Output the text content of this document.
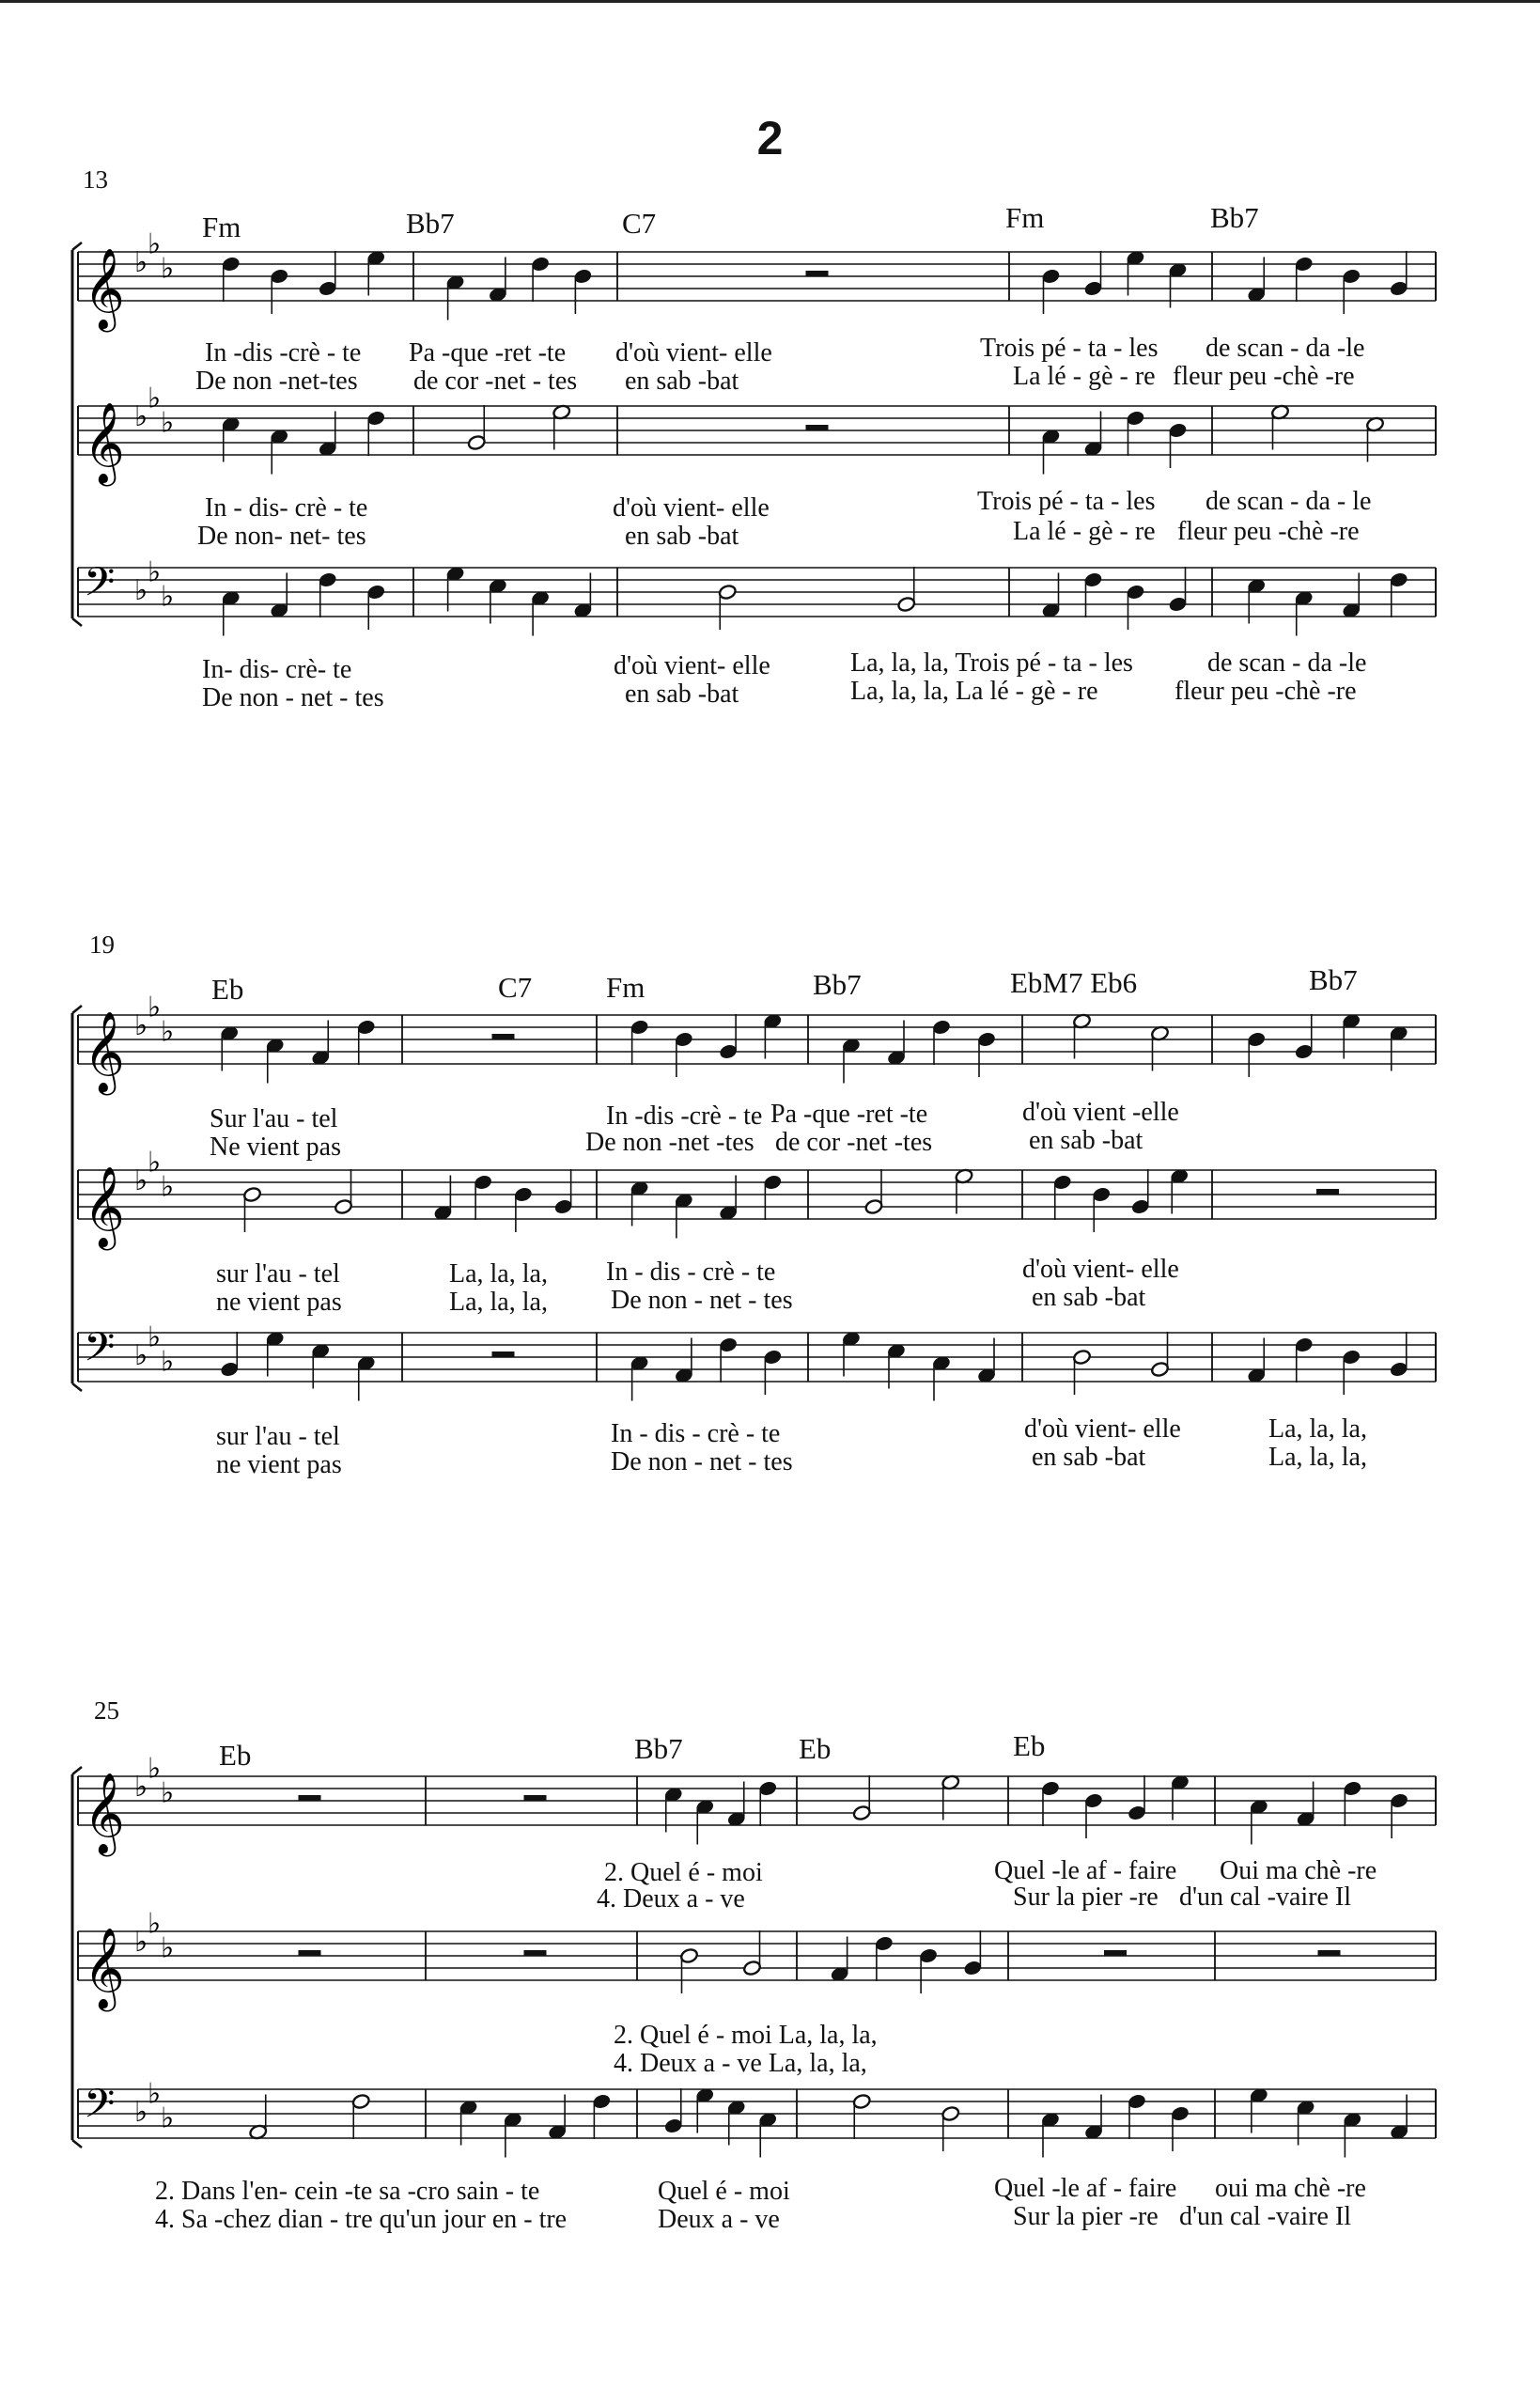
2
13
Fm	Bb7	C7	Fm	Bb7
In -dis -crè - te Pa -que -ret -te d'où vient- elle	Trois pé - ta - les de scan - da -le
De non -net-tes de cor -net - tes en sab -bat	La lé - gè - re fleur peu -chè -re
In - dis- crè - te	d'où vient- elle	Trois pé - ta - les de scan - da - le
De non- net- tes	en sab -bat	La lé - gè - re fleur peu -chè -re
In- dis- crè- te	d'où vient- elle	La, la, la, Trois pé - ta - les	de scan - da -le
De non - net - tes	en sab -bat	La, la, la, La lé - gè - re	fleur peu -chè -re
19
Eb	C7	Fm	Bb7	EbM7 Eb6	Bb7
Sur l'au - tel	In -dis -crè - te Pa -que -ret -te	d'où vient -elle
Ne vient pas	De non -net -tes de cor -net -tes	en sab -bat
sur l'au - tel	La, la, la, In - dis - crè - te	d'où vient- elle
ne vient pas	La, la, la, De non - net - tes	en sab -bat
sur l'au - tel	In - dis - crè - te	d'où vient- elle	La, la, la,
ne vient pas	De non - net - tes	en sab -bat	La, la, la,
25
Eb	Bb7	Eb	Eb
2. Quel é - moi	Quel -le af - faire Oui ma chè -re
4. Deux a - ve	Sur la pier -re d'un cal -vaire Il
2. Quel é - moi La, la, la,
4. Deux a - ve La, la, la,
2. Dans l'en- cein -te sa -cro sain - te	Quel é - moi	Quel -le af - faire oui ma chè -re
4. Sa -chez dian - tre qu'un jour en - tre	Deux a - ve	Sur la pier -re d'un cal -vaire Il
𝄞 ♭
♭
♭
𝄞 ♭
♭
♭
𝄢 ♭
♭
♭
𝄞 ♭
♭
♭
𝄞 ♭
♭
♭
𝄢 ♭
♭
♭
𝄞 ♭
♭
♭
𝄞 ♭
♭
♭
𝄢 ♭
♭
♭
